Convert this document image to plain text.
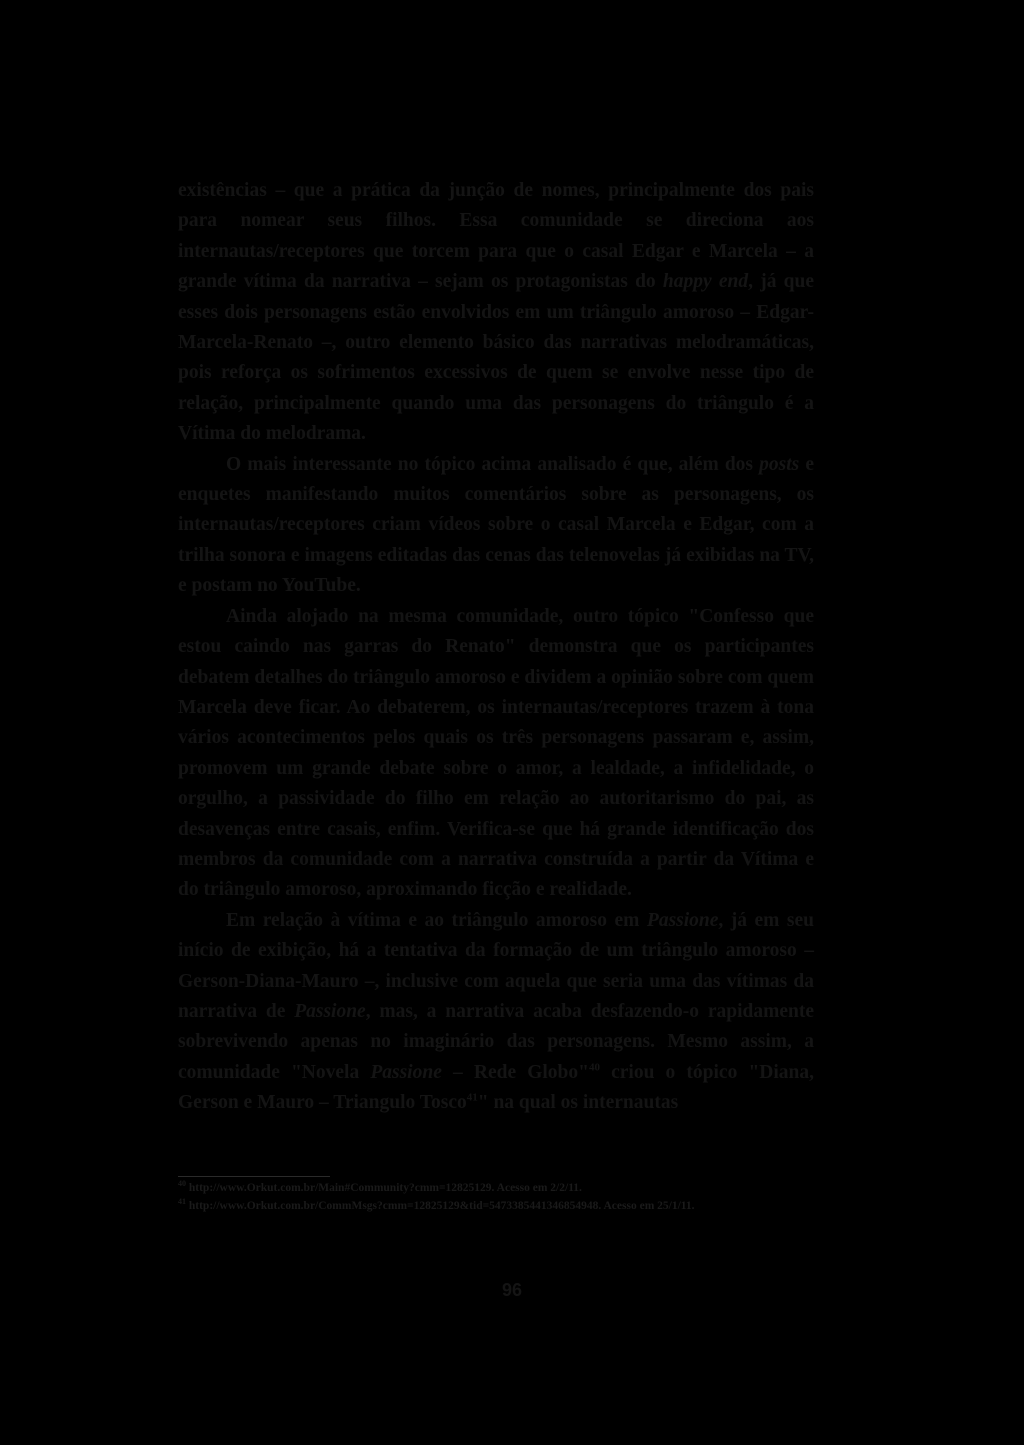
existências – que a prática da junção de nomes, principalmente dos pais para nomear seus filhos. Essa comunidade se direciona aos internautas/receptores que torcem para que o casal Edgar e Marcela – a grande vítima da narrativa – sejam os protagonistas do happy end, já que esses dois personagens estão envolvidos em um triângulo amoroso – Edgar-Marcela-Renato –, outro elemento básico das narrativas melodramáticas, pois reforça os sofrimentos excessivos de quem se envolve nesse tipo de relação, principalmente quando uma das personagens do triângulo é a Vítima do melodrama.

O mais interessante no tópico acima analisado é que, além dos posts e enquetes manifestando muitos comentários sobre as personagens, os internautas/receptores criam vídeos sobre o casal Marcela e Edgar, com a trilha sonora e imagens editadas das cenas das telenovelas já exibidas na TV, e postam no YouTube.

Ainda alojado na mesma comunidade, outro tópico "Confesso que estou caindo nas garras do Renato" demonstra que os participantes debatem detalhes do triângulo amoroso e dividem a opinião sobre com quem Marcela deve ficar. Ao debaterem, os internautas/receptores trazem à tona vários acontecimentos pelos quais os três personagens passaram e, assim, promovem um grande debate sobre o amor, a lealdade, a infidelidade, o orgulho, a passividade do filho em relação ao autoritarismo do pai, as desavenças entre casais, enfim. Verifica-se que há grande identificação dos membros da comunidade com a narrativa construída a partir da Vítima e do triângulo amoroso, aproximando ficção e realidade.

Em relação à vítima e ao triângulo amoroso em Passione, já em seu início de exibição, há a tentativa da formação de um triângulo amoroso – Gerson-Diana-Mauro –, inclusive com aquela que seria uma das vítimas da narrativa de Passione, mas, a narrativa acaba desfazendo-o rapidamente sobrevivendo apenas no imaginário das personagens. Mesmo assim, a comunidade "Novela Passione – Rede Globo"$^{40}$ criou o tópico "Diana, Gerson e Mauro – Triangulo Tosco$^{41}$" na qual os internautas

$^{40}$ http://www.Orkut.com.br/Main#Community?cmm=12825129. Acesso em 2/2/11.

$^{41}$ http://www.Orkut.com.br/CommMsgs?cmm=12825129&tid=5473385441346854948. Acesso em 25/1/11.

96
